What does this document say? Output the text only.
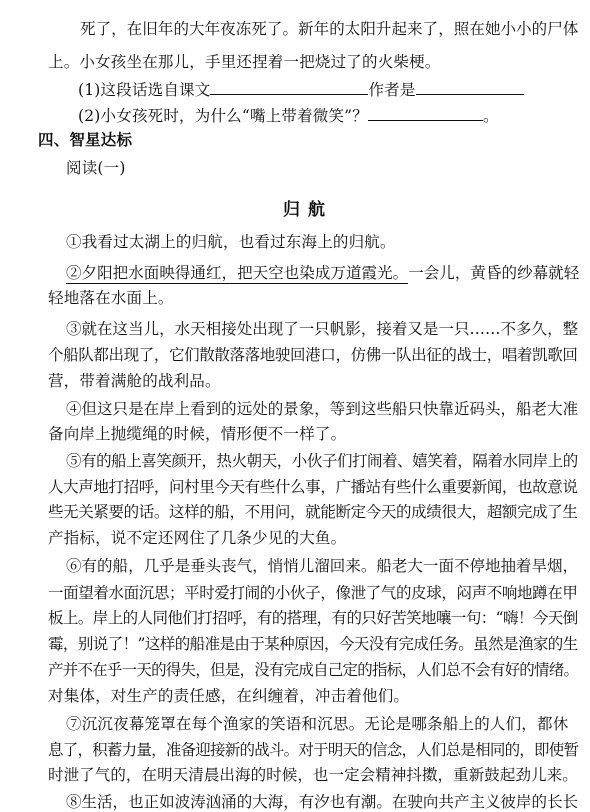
死了，在旧年的大年夜冻死了。新年的太阳升起来了，照在她小小的尸体
上。小女孩坐在那儿，手里还捏着一把烧过了的火柴梗。
(1)这段话选自课文	作者是
(2)小女孩死时，为什么“嘴上带着微笑”？	。
四、智星达标
阅读(一)
归航
①我看过太湖上的归航，也看过东海上的归航。
②夕阳把水面映得通红，把天空也染成万道霞光。一会儿，黄昏的纱幕就轻
轻地落在水面上。
③就在这当儿，水天相接处出现了一只帆影，接着又是一只……不多久，整
个船队都出现了，它们散散落落地驶回港口，仿佛一队出征的战士，唱着凯歌回
营，带着满舱的战利品。
④但这只是在岸上看到的远处的景象，等到这些船只快靠近码头，船老大准
备向岸上抛缆绳的时候，情形便不一样了。
⑤有的船上喜笑颜开，热火朝天，小伙子们打闹着、嬉笑着，隔着水同岸上的
人大声地打招呼，问村里今天有些什么事，广播站有些什么重要新闻，也故意说
些无关紧要的话。这样的船，不用问，就能断定今天的成绩很大，超额完成了生
产指标，说不定还网住了几条少见的大鱼。
⑥有的船，几乎是垂头丧气，悄悄儿溜回来。船老大一面不停地抽着旱烟，
一面望着水面沉思；平时爱打闹的小伙子，像泄了气的皮球，闷声不响地蹲在甲
板上。岸上的人同他们打招呼，有的搭理，有的只好苦笑地嚷一句：“嗨！今天倒
霉，别说了！”这样的船准是由于某种原因，今天没有完成任务。虽然是渔家的生
产并不在乎一天的得失，但是，没有完成自己定的指标，人们总不会有好的情绪。
对集体，对生产的责任感，在纠缠着，冲击着他们。
⑦沉沉夜幕笼罩在每个渔家的笑语和沉思。无论是哪条船上的人们，都休
息了，积蓄力量，准备迎接新的战斗。对于明天的信念，人们总是相同的，即使暂
时泄了气的，在明天清晨出海的时候，也一定会精神抖擞，重新鼓起劲儿来。
⑧生活，也正如波涛汹涌的大海，有汐也有潮。在驶向共产主义彼岸的长长
